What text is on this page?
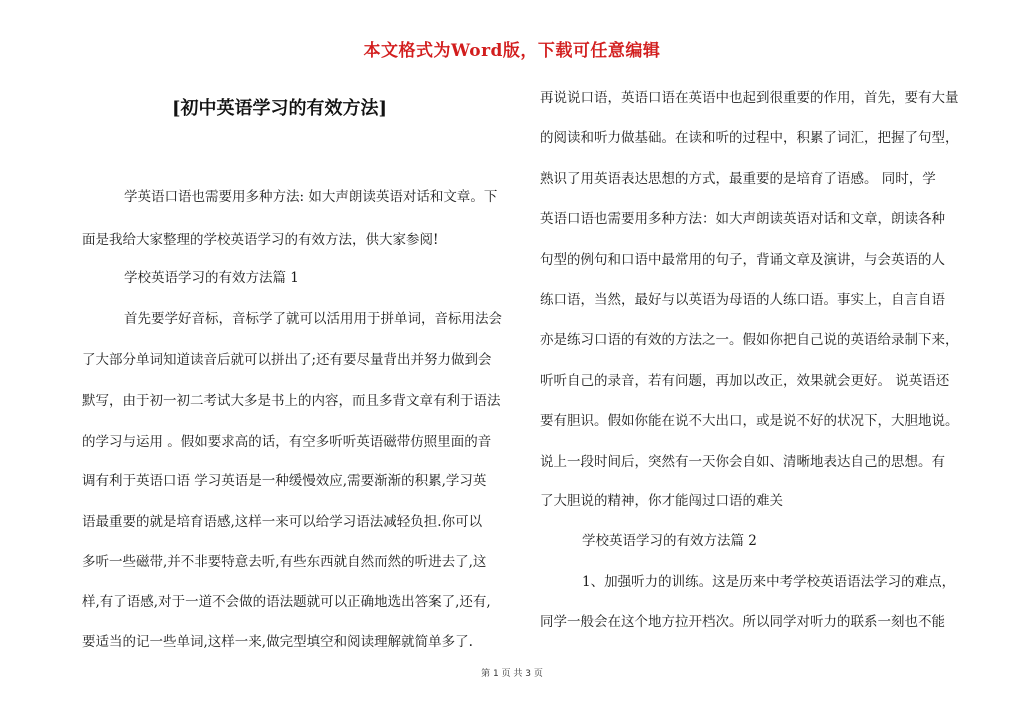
本文格式为Word版，下载可任意编辑
[初中英语学习的有效方法]
学英语口语也需要用多种方法: 如大声朗读英语对话和文章。下
面是我给大家整理的学校英语学习的有效方法，供大家参阅!
学校英语学习的有效方法篇 1
首先要学好音标，音标学了就可以活用用于拼单词，音标用法会
了大部分单词知道读音后就可以拼出了;还有要尽量背出并努力做到会
默写，由于初一初二考试大多是书上的内容，而且多背文章有利于语法
的学习与运用 。假如要求高的话，有空多听听英语磁带仿照里面的音
调有利于英语口语 学习英语是一种缓慢效应,需要渐渐的积累,学习英
语最重要的就是培育语感,这样一来可以给学习语法减轻负担.你可以
多听一些磁带,并不非要特意去听,有些东西就自然而然的听进去了,这
样,有了语感,对于一道不会做的语法题就可以正确地选出答案了,还有,
要适当的记一些单词,这样一来,做完型填空和阅读理解就简单多了.
再说说口语，英语口语在英语中也起到很重要的作用，首先，要有大量
的阅读和听力做基础。在读和听的过程中，积累了词汇，把握了句型，
熟识了用英语表达思想的方式，最重要的是培育了语感。 同时，学
英语口语也需要用多种方法：如大声朗读英语对话和文章，朗读各种
句型的例句和口语中最常用的句子，背诵文章及演讲，与会英语的人
练口语，当然，最好与以英语为母语的人练口语。事实上，自言自语
亦是练习口语的有效的方法之一。假如你把自己说的英语给录制下来，
听听自己的录音，若有问题，再加以改正，效果就会更好。 说英语还
要有胆识。假如你能在说不大出口，或是说不好的状况下，大胆地说。
说上一段时间后，突然有一天你会自如、清晰地表达自己的思想。有
了大胆说的精神，你才能闯过口语的难关
学校英语学习的有效方法篇 2
1、加强听力的训练。这是历来中考学校英语语法学习的难点，
同学一般会在这个地方拉开档次。所以同学对听力的联系一刻也不能
第 1 页 共 3 页
